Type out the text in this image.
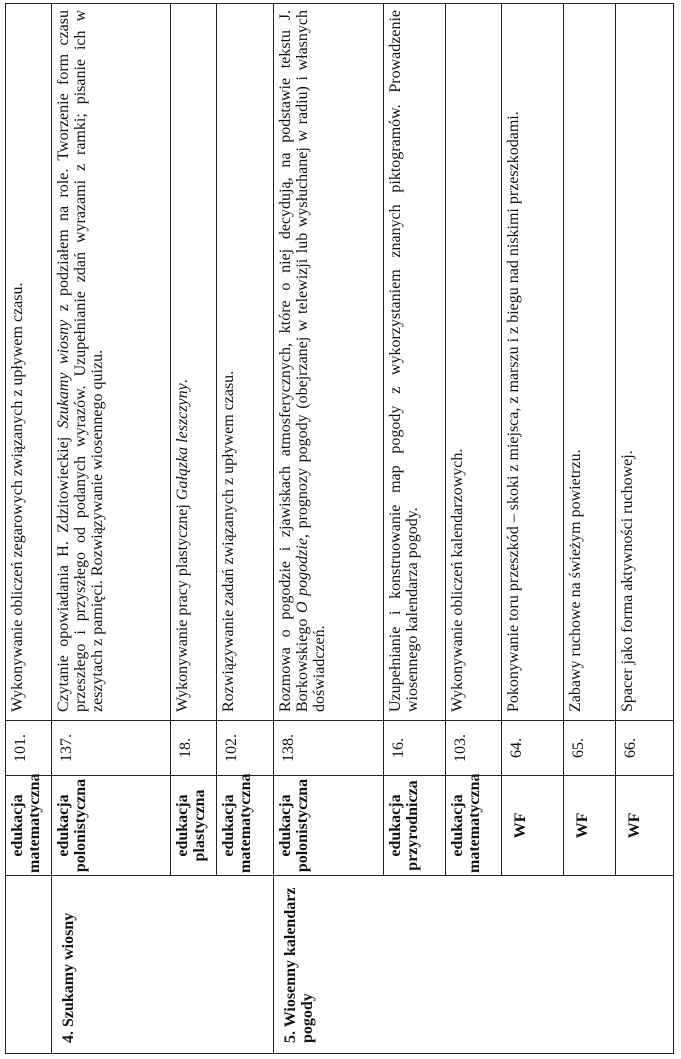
	edukacja matematyczna	101.	Wykonywanie obliczeń zegarowych związanych z upływem czasu.
4. Szukamy wiosny	edukacja polonistyczna	137.	Czytanie opowiadania H. Zdzitowieckiej Szukamy wiosny z podziałem na role. Tworzenie form czasu przeszłego i przyszłego od podanych wyrazów. Uzupełnianie zdań wyrazami z ramki; pisanie ich w zeszytach z pamięci. Rozwiązywanie wiosennego quizu.
	edukacja plastyczna	18.	Wykonywanie pracy plastycznej Gałązka leszczyny.
	edukacja matematyczna	102.	Rozwiązywanie zadań związanych z upływem czasu.
5. Wiosenny kalendarz pogody	edukacja polonistyczna	138.	Rozmowa o pogodzie i zjawiskach atmosferycznych, które o niej decydują, na podstawie tekstu J. Borkowskiego O pogodzie, prognozy pogody (obejrzanej w telewizji lub wysłuchanej w radiu) i własnych doświadczeń.
	edukacja przyrodnicza	16.	Uzupełnianie i konstruowanie map pogody z wykorzystaniem znanych piktogramów. Prowadzenie wiosennego kalendarza pogody.
	edukacja matematyczna	103.	Wykonywanie obliczeń kalendarzowych.
	WF	64.	Pokonywanie toru przeszkód – skoki z miejsca, z marszu i z biegu nad niskimi przeszkodami.
	WF	65.	Zabawy ruchowe na świeżym powietrzu.
	WF	66.	Spacer jako forma aktywności ruchowej.
